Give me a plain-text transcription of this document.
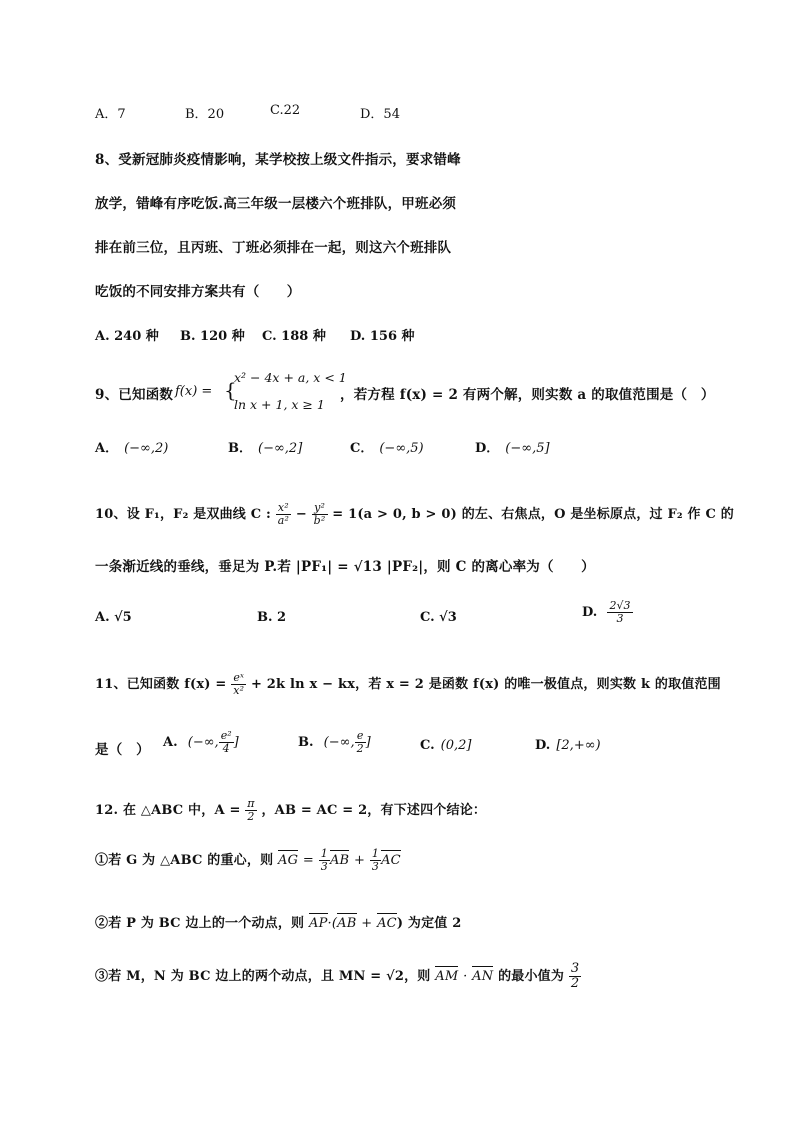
A．7	B．20	C.22	D．54
8、受新冠肺炎疫情影响，某学校按上级文件指示，要求错峰
放学，错峰有序吃饭.高三年级一层楼六个班排队，甲班必须
排在前三位，且丙班、丁班必须排在一起，则这六个班排队
吃饭的不同安排方案共有（　　）
A. 240 种 B. 120 种 C. 188 种 D. 156 种
9、已知函数 f(x) = {
x² − 4x + a, x < 1
ln x + 1, x ≥ 1
，若方程 f(x) = 2 有两个解，则实数 a 的取值范围是（　）
A． (−∞,2)	B． (−∞,2]	C． (−∞,5)	D． (−∞,5]
10、设 F₁，F₂ 是双曲线 C : $\frac{\text{x²}}{\text{a²}} - \frac{\text{y²}}{\text{b²}} = 1(a > 0$, b > 0) 的左、右焦点，O 是坐标原点，过 F₂ 作 C 的
一条渐近线的垂线，垂足为 P.若 |PF₁| = √13 |PF₂|，则 C 的离心率为（　　）
A. √5	B. 2	C. √3	D. $\frac{2√3}{3}$
11、已知函数 $f(x) = \frac{\text{eˣ}}{\text{x²}} + 2k$ ln x − kx，若 x = 2 是函数 f(x) 的唯一极值点，则实数 k 的取值范围
是（　） A. (−∞, $\frac{\text{e²}}{4}$ ]	B. (−∞, $\frac{e}{2}$ ]	C. (0,2]	D. [2,+∞)
12. 在 △ABC 中，$A = \frac{\pi}{2}$ ，AB = AC = 2，有下述四个结论：
①若 G 为 △ABC 的重心，则 AG = $\frac{1}{3}$ AB + $\frac{1}{3}$ AC
②若 P 为 BC 边上的一个动点，则 AP·(AB + AC) 为定值 2
③若 M，N 为 BC 边上的两个动点，且 MN = √2，则 AM · AN 的最小值为 $\frac{3}{2}$
